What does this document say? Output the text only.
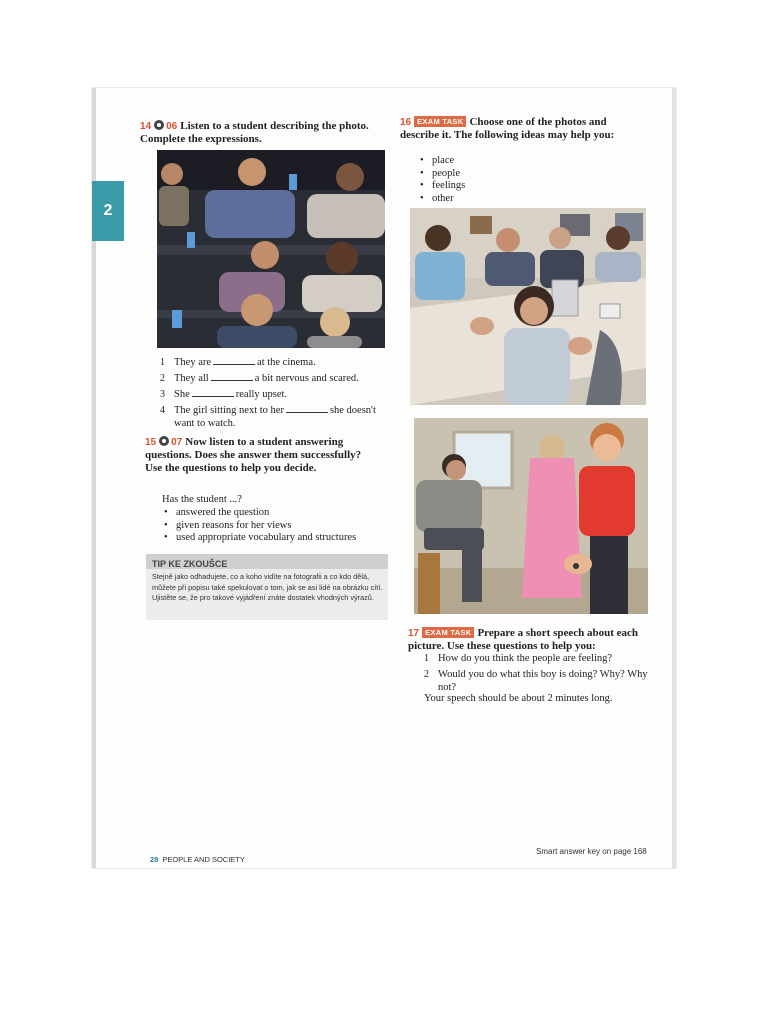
2
14 06 Listen to a student describing the photo. Complete the expressions.
1 They are	at the cinema.
2 They all	a bit nervous and scared.
3 She	really upset.
4 The girl sitting next to her	she doesn't want to watch.
15 07 Now listen to a student answering questions. Does she answer them successfully? Use the questions to help you decide.
Has the student ...?
• answered the question
• given reasons for her views
• used appropriate vocabulary and structures
TIP KE ZKOUŠCE
Stejně jako odhadujete, co a koho vidíte na fotografii a co kdo dělá, můžete při popisu také spekulovat o tom, jak se asi lidé na obrázku cítí. Ujistěte se, že pro takové vyjádření znáte dostatek vhodných výrazů.
16 EXAM TASK Choose one of the photos and describe it. The following ideas may help you:
• place
• people
• feelings
• other
17 EXAM TASK Prepare a short speech about each picture. Use these questions to help you:
1 How do you think the people are feeling?
2 Would you do what this boy is doing? Why? Why not?
Your speech should be about 2 minutes long.
28 PEOPLE AND SOCIETY
Smart answer key on page 168
